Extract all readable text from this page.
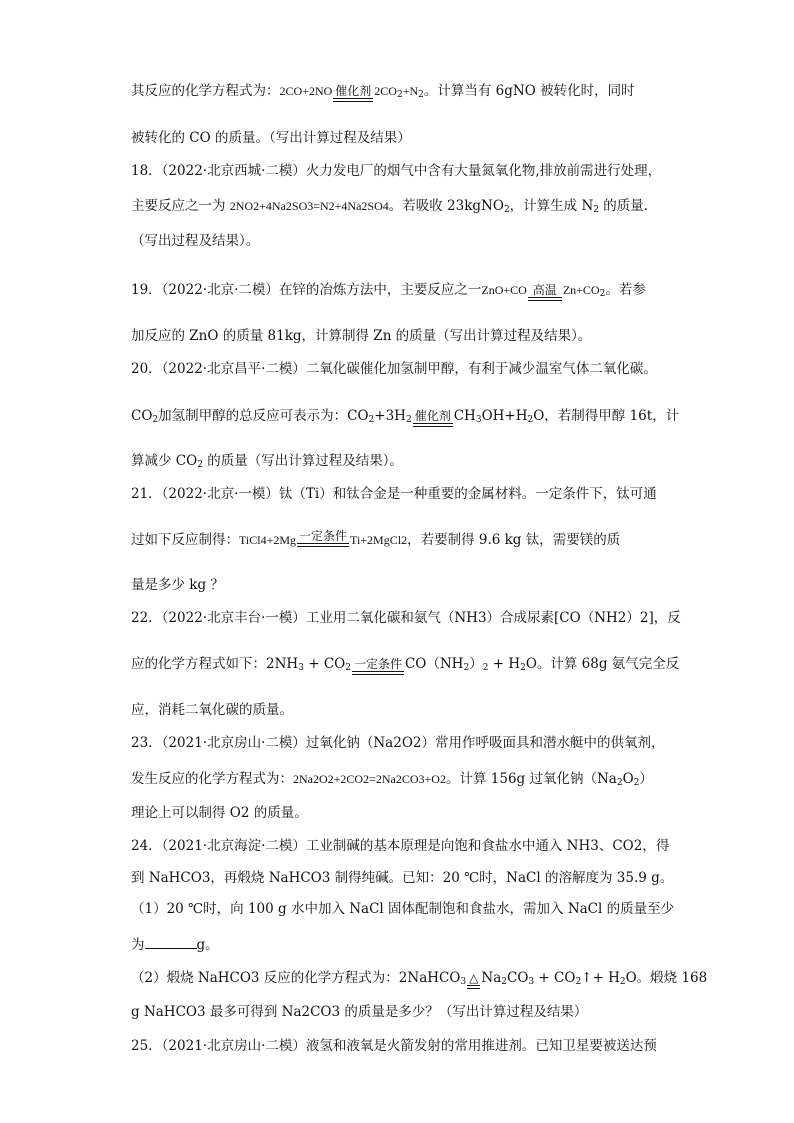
其反应的化学方程式为：2CO+2NO 催化剂 $2CO_2+N_2$。计算当有 6gNO 被转化时，同时
被转化的 CO 的质量。（写出计算过程及结果）
18．（2022·北京西城·二模）火力发电厂的烟气中含有大量氮氧化物,排放前需进行处理，
主要反应之一为 2NO2+4Na2SO3=N2+4Na2SO4。若吸收 23kgNO$_2$，计算生成 $N_2$ 的质量.
（写出过程及结果）。
19．（2022·北京·二模）在锌的冶炼方法中，主要反应之一ZnO+CO 高温 $Zn+CO_2$。若参
加反应的 ZnO 的质量 81kg，计算制得 Zn 的质量（写出计算过程及结果）。
20．（2022·北京昌平·二模）二氧化碳催化加氢制甲醇，有利于减少温室气体二氧化碳。
$CO_2$加氢制甲醇的总反应可表示为：$CO_2+3H_2$ 催化剂 $CH_3OH+H_2O$，若制得甲醇 16t，计
算减少 $CO_2$ 的质量（写出计算过程及结果）。
21．（2022·北京·一模）钛（Ti）和钛合金是一种重要的金属材料。一定条件下，钛可通
过如下反应制得：TiCl4+2Mg 一定条件 Ti+2MgCl2，若要制得 9.6 kg 钛，需要镁的质
量是多少 kg ？
22．（2022·北京丰台·一模）工业用二氧化碳和氨气（NH3）合成尿素[CO（NH2）2]，反
应的化学方程式如下：$2NH_3 + CO_2$ 一定条件 $CO(NH_2)_2 + H_2O$。计算 68g 氨气完全反
应，消耗二氧化碳的质量。
23．（2021·北京房山·二模）过氧化钠（Na2O2）常用作呼吸面具和潜水艇中的供氧剂，
发生反应的化学方程式为：2Na2O2+2CO2=2Na2CO3+O2。计算 156g 过氧化钠$(Na_2O_2)$
理论上可以制得 O2 的质量。
24．（2021·北京海淀·二模）工业制碱的基本原理是向饱和食盐水中通入 NH3、CO2，得
到 NaHCO3，再煅烧 NaHCO3 制得纯碱。已知：20 ℃时，NaCl 的溶解度为 35.9 g。
（1）20 ℃时，向 100 g 水中加入 NaCl 固体配制饱和食盐水，需加入 NaCl 的质量至少
为	g。
（2）煅烧 NaHCO3 反应的化学方程式为：2NaHCO$_3$ △ $Na_2CO_3$ + $CO_2↑+ H_2O$。煅烧 168
g NaHCO3 最多可得到 Na2CO3 的质量是多少？（写出计算过程及结果）
25．（2021·北京房山·二模）液氢和液氧是火箭发射的常用推进剂。已知卫星要被送达预
